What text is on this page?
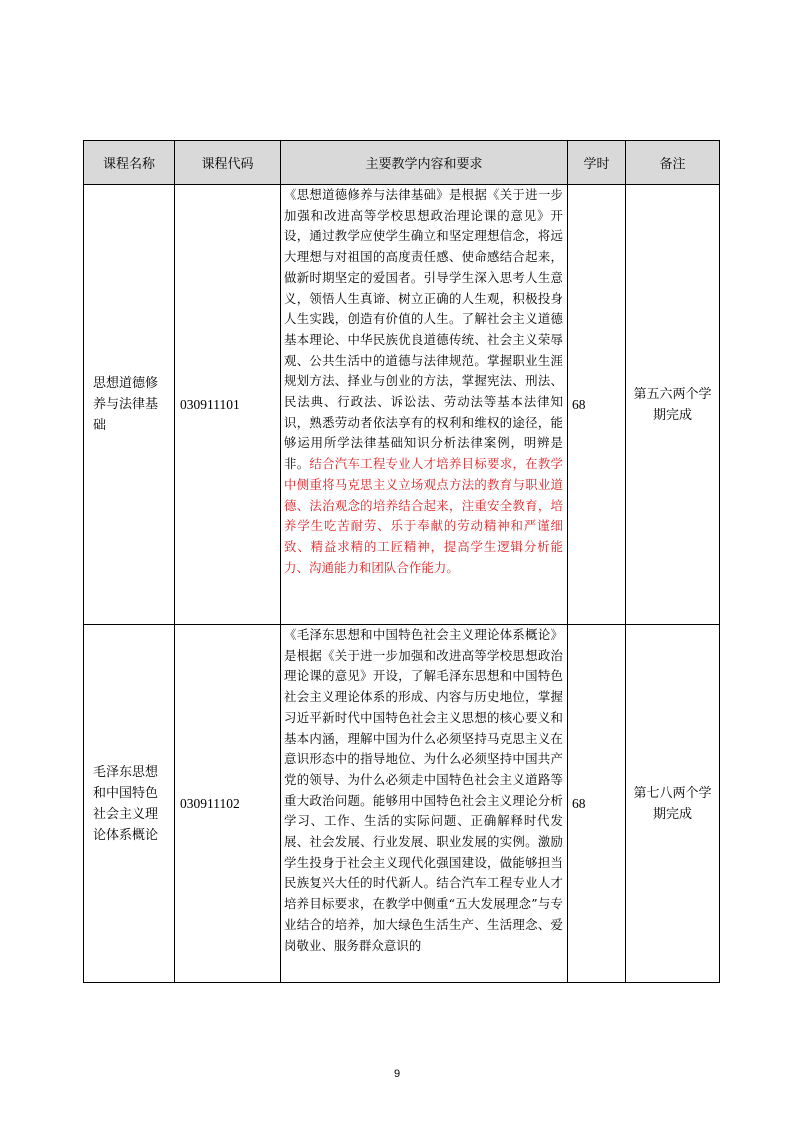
课程名称	课程代码	主要教学内容和要求	学时	备注
思想道德修养与法律基础	030911101	《思想道德修养与法律基础》是根据《关于进一步加强和改进高等学校思想政治理论课的意见》开设，通过教学应使学生确立和坚定理想信念，将远大理想与对祖国的高度责任感、使命感结合起来，做新时期坚定的爱国者。引导学生深入思考人生意义，领悟人生真谛、树立正确的人生观，积极投身人生实践，创造有价值的人生。了解社会主义道德基本理论、中华民族优良道德传统、社会主义荣辱观、公共生活中的道德与法律规范。掌握职业生涯规划方法、择业与创业的方法，掌握宪法、刑法、民法典、行政法、诉讼法、劳动法等基本法律知识，熟悉劳动者依法享有的权利和维权的途径，能够运用所学法律基础知识分析法律案例，明辨是非。结合汽车工程专业人才培养目标要求，在教学中侧重将马克思主义立场观点方法的教育与职业道德、法治观念的培养结合起来，注重安全教育，培养学生吃苦耐劳、乐于奉献的劳动精神和严谨细致、精益求精的工匠精神，提高学生逻辑分析能力、沟通能力和团队合作能力。	68	第五六两个学期完成
毛泽东思想和中国特色社会主义理论体系概论	030911102	《毛泽东思想和中国特色社会主义理论体系概论》是根据《关于进一步加强和改进高等学校思想政治理论课的意见》开设，了解毛泽东思想和中国特色社会主义理论体系的形成、内容与历史地位，掌握习近平新时代中国特色社会主义思想的核心要义和基本内涵，理解中国为什么必须坚持马克思主义在意识形态中的指导地位、为什么必须坚持中国共产党的领导、为什么必须走中国特色社会主义道路等重大政治问题。能够用中国特色社会主义理论分析学习、工作、生活的实际问题、正确解释时代发展、社会发展、行业发展、职业发展的实例。激励学生投身于社会主义现代化强国建设，做能够担当民族复兴大任的时代新人。结合汽车工程专业人才培养目标要求，在教学中侧重“五大发展理念”与专业结合的培养，加大绿色生活生产、生活理念、爱岗敬业、服务群众意识的	68	第七八两个学期完成
9
